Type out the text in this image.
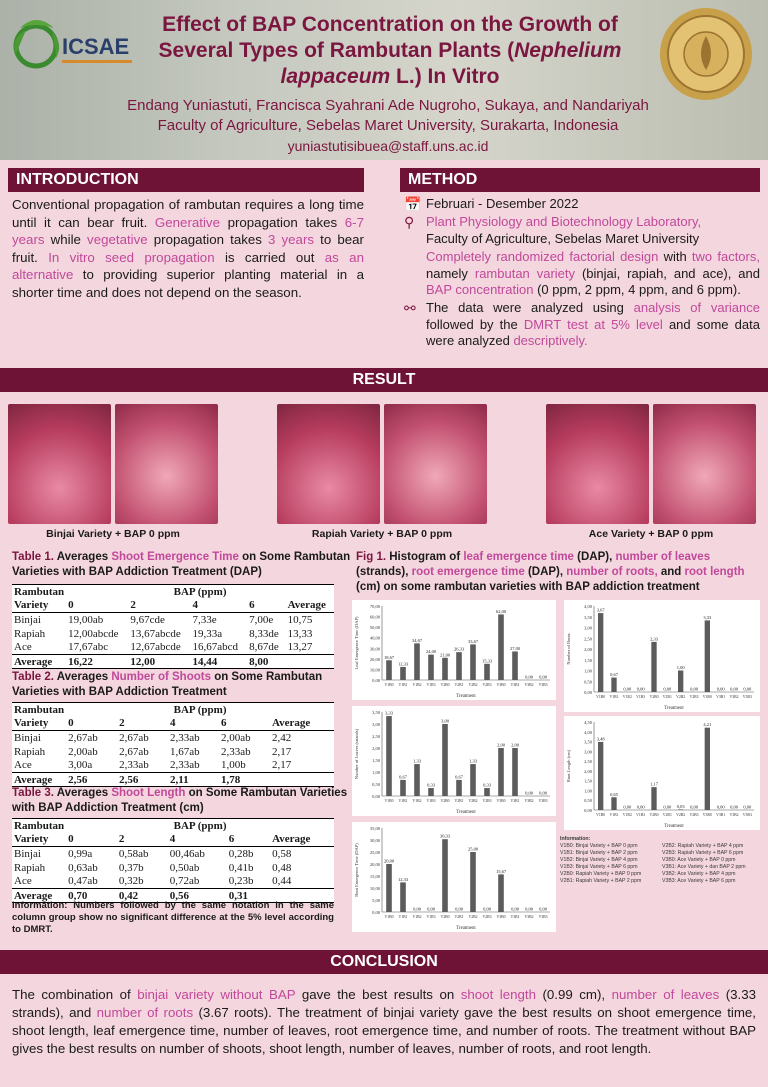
ICSAE
Effect of BAP Concentration on the Growth of Several Types of Rambutan Plants (Nephelium lappaceum L.) In Vitro
Endang Yuniastuti, Francisca Syahrani Ade Nugroho, Sukaya, and Nandariyah
Faculty of Agriculture, Sebelas Maret University, Surakarta, Indonesia
yuniastutisibuea@staff.uns.ac.id
INTRODUCTION
Conventional propagation of rambutan requires a long time until it can bear fruit. Generative propagation takes 6-7 years while vegetative propagation takes 3 years to bear fruit. In vitro seed propagation is carried out as an alternative to providing superior planting material in a shorter time and does not depend on the season.
METHOD
📅 Februari - Desember 2022
⚲ Plant Physiology and Biotechnology Laboratory,
Faculty of Agriculture, Sebelas Maret University
Completely randomized factorial design with two factors, namely rambutan variety (binjai, rapiah, and ace), and BAP concentration (0 ppm, 2 ppm, 4 ppm, and 6 ppm).
⚯ The data were analyzed using analysis of variance followed by the DMRT test at 5% level and some data were analyzed descriptively.
RESULT
Binjai Variety + BAP 0 ppm	Rapiah Variety + BAP 0 ppm	Ace Variety + BAP 0 ppm
Table 1. Averages Shoot Emergence Time on Some Rambutan Varieties with BAP Addiction Treatment (DAP)
Rambutan	BAP (ppm)				
Variety	0	2	4	6	Average
Binjai	19,00ab	9,67cde	7,33e	7,00e	10,75
Rapiah	12,00abcde	13,67abcde	19,33a	8,33de	13,33
Ace	17,67abc	12,67abcde	16,67abcd	8,67de	13,27
Average	16,22	12,00	14,44	8,00	
Table 2. Averages Number of Shoots on Some Rambutan Varieties with BAP Addiction Treatment
Rambutan	BAP (ppm)				
Variety	0	2	4	6	Average
Binjai	2,67ab	2,67ab	2,33ab	2,00ab	2,42
Rapiah	2,00ab	2,67ab	1,67ab	2,33ab	2,17
Ace	3,00a	2,33ab	2,33ab	1,00b	2,17
Average	2,56	2,56	2,11	1,78	
Table 3. Averages Shoot Length on Some Rambutan Varieties with BAP Addiction Treatment (cm)
Rambutan	BAP (ppm)				
Variety	0	2	4	6	Average
Binjai	0,99a	0,58ab	00,46ab	0,28b	0,58
Rapiah	0,63ab	0,37b	0,50ab	0,41b	0,48
Ace	0,47ab	0,32b	0,72ab	0,23b	0,44
Average	0,70	0,42	0,56	0,31	
Information: Numbers followed by the same notation in the same column group show no significant difference at the 5% level according to DMRT.
Fig 1. Histogram of leaf emergence time (DAP), number of leaves (strands), root emergence time (DAP), number of roots, and root length (cm) on some rambutan varieties with BAP addiction treatment
0,00
10,00
20,00
30,00
40,00
50,00
60,00
70,00
18,67
V1B0
12,33
V1B1
34,67
V1B2
24,00
V1B3
21,00
V2B0
26,33
V2B1
33,67
V2B2
15,33
V2B3
62,00
V3B0
27,00
V3B1
0,00
V3B2
0,00
V3B3
Treatment
Leaf Emergence Time (DAP)
0,00
0,50
1,00
1,50
2,00
2,50
3,00
3,50
4,00
3,67
V1B0
0,67
V1B1
0,00
V1B2
0,00
V1B3
2,33
V2B0
0,00
V2B1
1,00
V2B2
0,00
V2B3
3,33
V3B0
0,00
V3B1
0,00
V3B2
0,00
V3B3
Treatment
Number of Roots
0,00
0,50
1,00
1,50
2,00
2,50
3,00
3,50 3,33
V1B0
0,67
V1B1
1,33
V1B2
0,33
V1B3
3,00
V2B0
0,67
V2B1
1,33
V2B2
0,33
V2B3
2,00
V3B0
2,00
V3B1
0,00
V3B2
0,00
V3B3
Treatment
Number of Leaves (strands)
0,00
0,50
1,00
1,50
2,00
2,50
3,00
3,50
4,00
4,50
3,48
V1B0
0,65
V1B1
0,00
V1B2
0,00
V1B3
1,17
V2B0
0,00
V2B1
0,03
V2B2
0,00
V2B3
4,21
V3B0
0,00
V3B1
0,00
V3B2
0,00
V3B3
Treatment
Root Length (cm)
0,00
5,00
10,00
15,00
20,00
25,00
30,00
35,00
20,00
V1B0
12,33
V1B1
0,00
V1B2
0,00
V1B3
30,33
V2B0
0,00
V2B1
25,00
V2B2
0,00
V2B3
15,67
V3B0
0,00
V3B1
0,00
V3B2
0,00
V3B3
Treatment
Root Emergence Time (DAP)
Information:
V1B0: Binjai Variety + BAP 0 ppm	V2B2: Rapiah Variety + BAP 4 ppm
V1B1: Binjai Variety + BAP 2 ppm	V2B3: Rapiah Variety + BAP 6 ppm
V1B2: Binjai Variety + BAP 4 ppm	V3B0: Ace Variety + BAP 0 ppm
V1B3: Binjai Variety + BAP 6 ppm	V3B1: Ace Variety + dan BAP 2 ppm
V2B0: Rapiah Variety + BAP 0 ppm	V3B2: Ace Variety + BAP 4 ppm
V2B1: Rapiah Variety + BAP 2 ppm	V3B3: Ace Variety + BAP 6 ppm
CONCLUSION
The combination of binjai variety without BAP gave the best results on shoot length (0.99 cm), number of leaves (3.33 strands), and number of roots (3.67 roots). The treatment of binjai variety gave the best results on shoot emergence time, shoot length, leaf emergence time, number of leaves, root emergence time, and number of roots. The treatment without BAP gives the best results on number of shoots, shoot length, number of leaves, number of roots, and root length.
